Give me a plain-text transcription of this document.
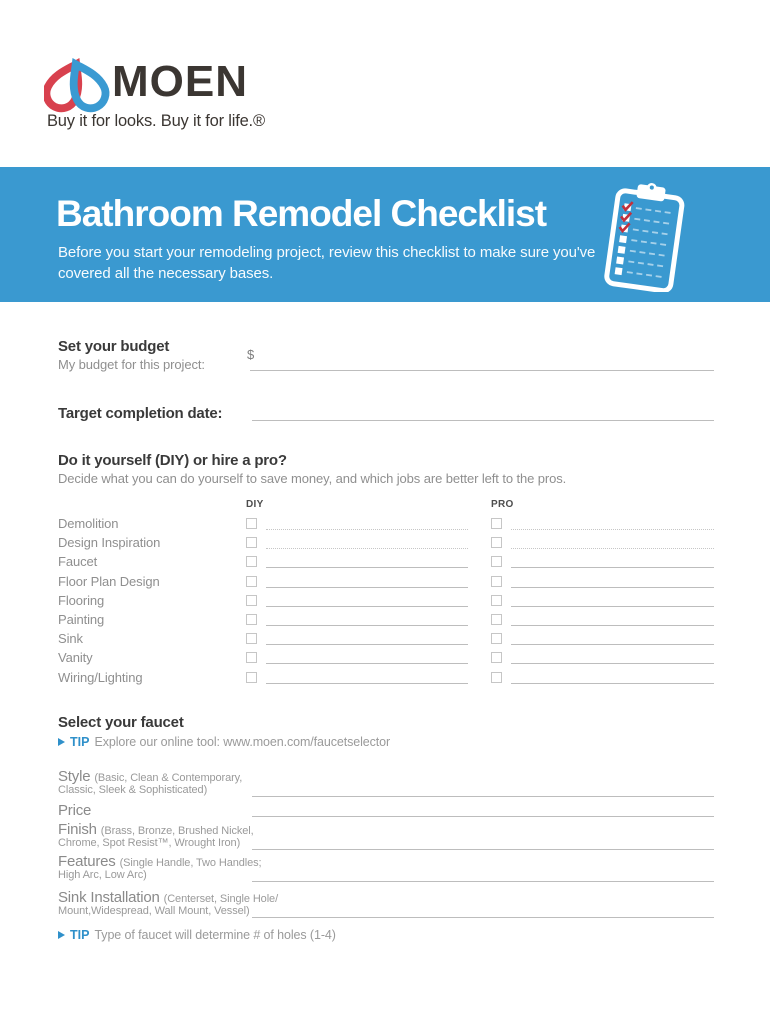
MOEN
Buy it for looks. Buy it for life.®
Bathroom Remodel Checklist
Before you start your remodeling project, review this checklist to make sure you've
covered all the necessary bases.
Set your budget
My budget for this project:
$
Target completion date:
Do it yourself (DIY) or hire a pro?
Decide what you can do yourself to save money, and which jobs are better left to the pros.
DIY	PRO
Demolition
Design Inspiration
Faucet
Floor Plan Design
Flooring
Painting
Sink
Vanity
Wiring/Lighting
Select your faucet
TIP Explore our online tool: www.moen.com/faucetselector
Style (Basic, Clean & Contemporary,
Classic, Sleek & Sophisticated)
Price
Finish (Brass, Bronze, Brushed Nickel,
Chrome, Spot Resist™, Wrought Iron)
Features (Single Handle, Two Handles;
High Arc, Low Arc)
Sink Installation (Centerset, Single Hole/
Mount,Widespread, Wall Mount, Vessel)
TIP Type of faucet will determine # of holes (1-4)
